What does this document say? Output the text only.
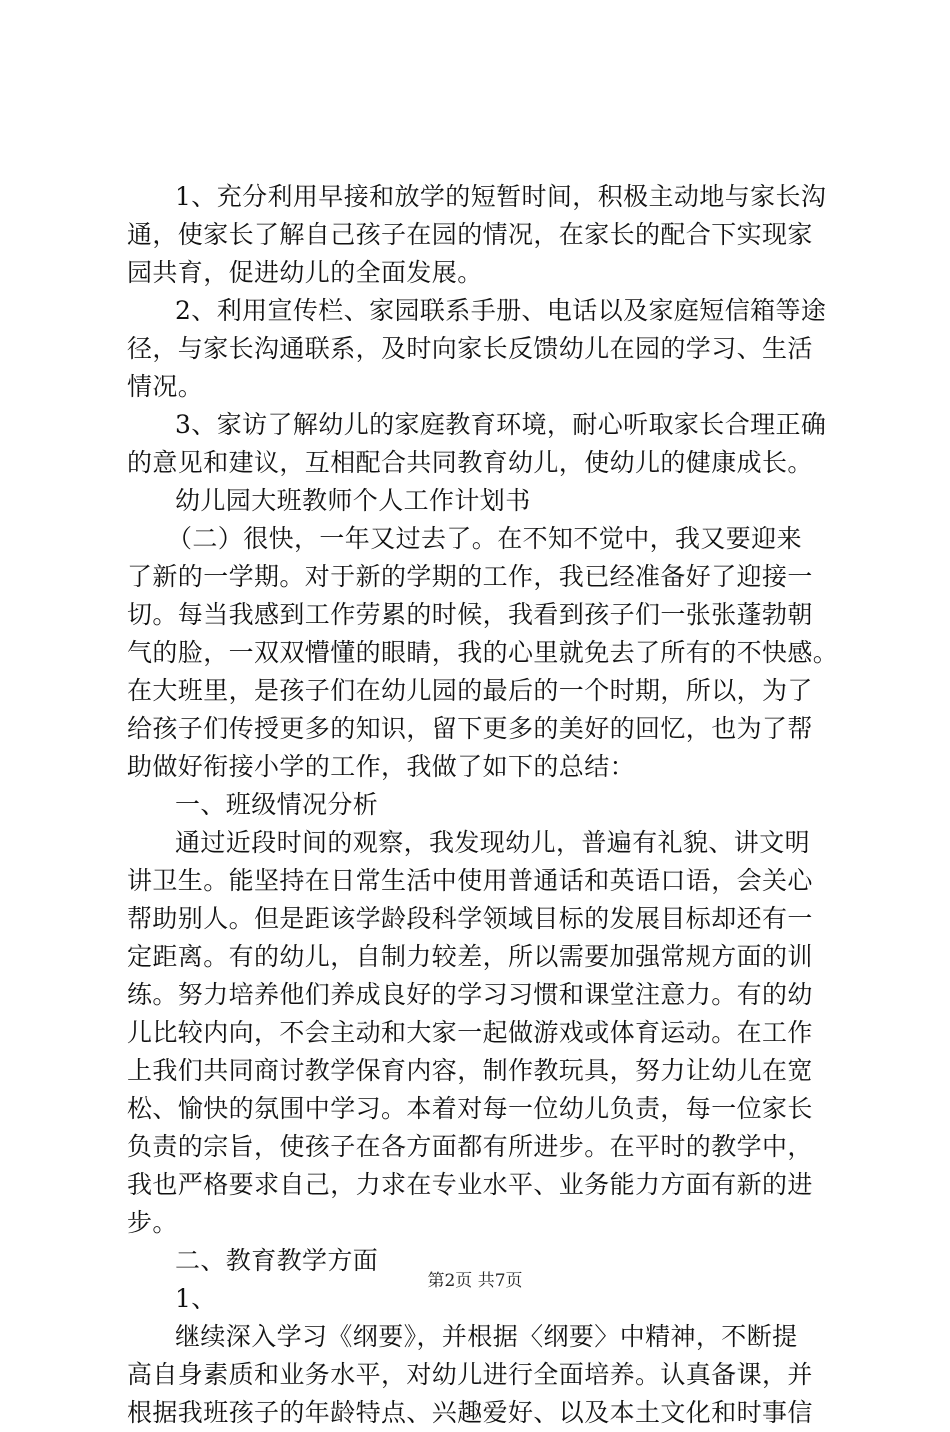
1、充分利用早接和放学的短暂时间，积极主动地与家长沟
通，使家长了解自己孩子在园的情况，在家长的配合下实现家
园共育，促进幼儿的全面发展。
2、利用宣传栏、家园联系手册、电话以及家庭短信箱等途
径，与家长沟通联系，及时向家长反馈幼儿在园的学习、生活
情况。
3、家访了解幼儿的家庭教育环境，耐心听取家长合理正确
的意见和建议，互相配合共同教育幼儿，使幼儿的健康成长。
幼儿园大班教师个人工作计划书
（二）很快，一年又过去了。在不知不觉中，我又要迎来
了新的一学期。对于新的学期的工作，我已经准备好了迎接一
切。每当我感到工作劳累的时候，我看到孩子们一张张蓬勃朝
气的脸，一双双懵懂的眼睛，我的心里就免去了所有的不快感。
在大班里，是孩子们在幼儿园的最后的一个时期，所以，为了
给孩子们传授更多的知识，留下更多的美好的回忆，也为了帮
助做好衔接小学的工作，我做了如下的总结：
一、班级情况分析
通过近段时间的观察，我发现幼儿，普遍有礼貌、讲文明
讲卫生。能坚持在日常生活中使用普通话和英语口语，会关心
帮助别人。但是距该学龄段科学领域目标的发展目标却还有一
定距离。有的幼儿，自制力较差，所以需要加强常规方面的训
练。努力培养他们养成良好的学习习惯和课堂注意力。有的幼
儿比较内向，不会主动和大家一起做游戏或体育运动。在工作
上我们共同商讨教学保育内容，制作教玩具，努力让幼儿在宽
松、愉快的氛围中学习。本着对每一位幼儿负责，每一位家长
负责的宗旨，使孩子在各方面都有所进步。在平时的教学中，
我也严格要求自己，力求在专业水平、业务能力方面有新的进
步。
二、教育教学方面
1、
继续深入学习《纲要》，并根据〈纲要〉中精神，不断提
高自身素质和业务水平，对幼儿进行全面培养。认真备课，并
根据我班孩子的年龄特点、兴趣爱好、以及本土文化和时事信
第2页 共7页
